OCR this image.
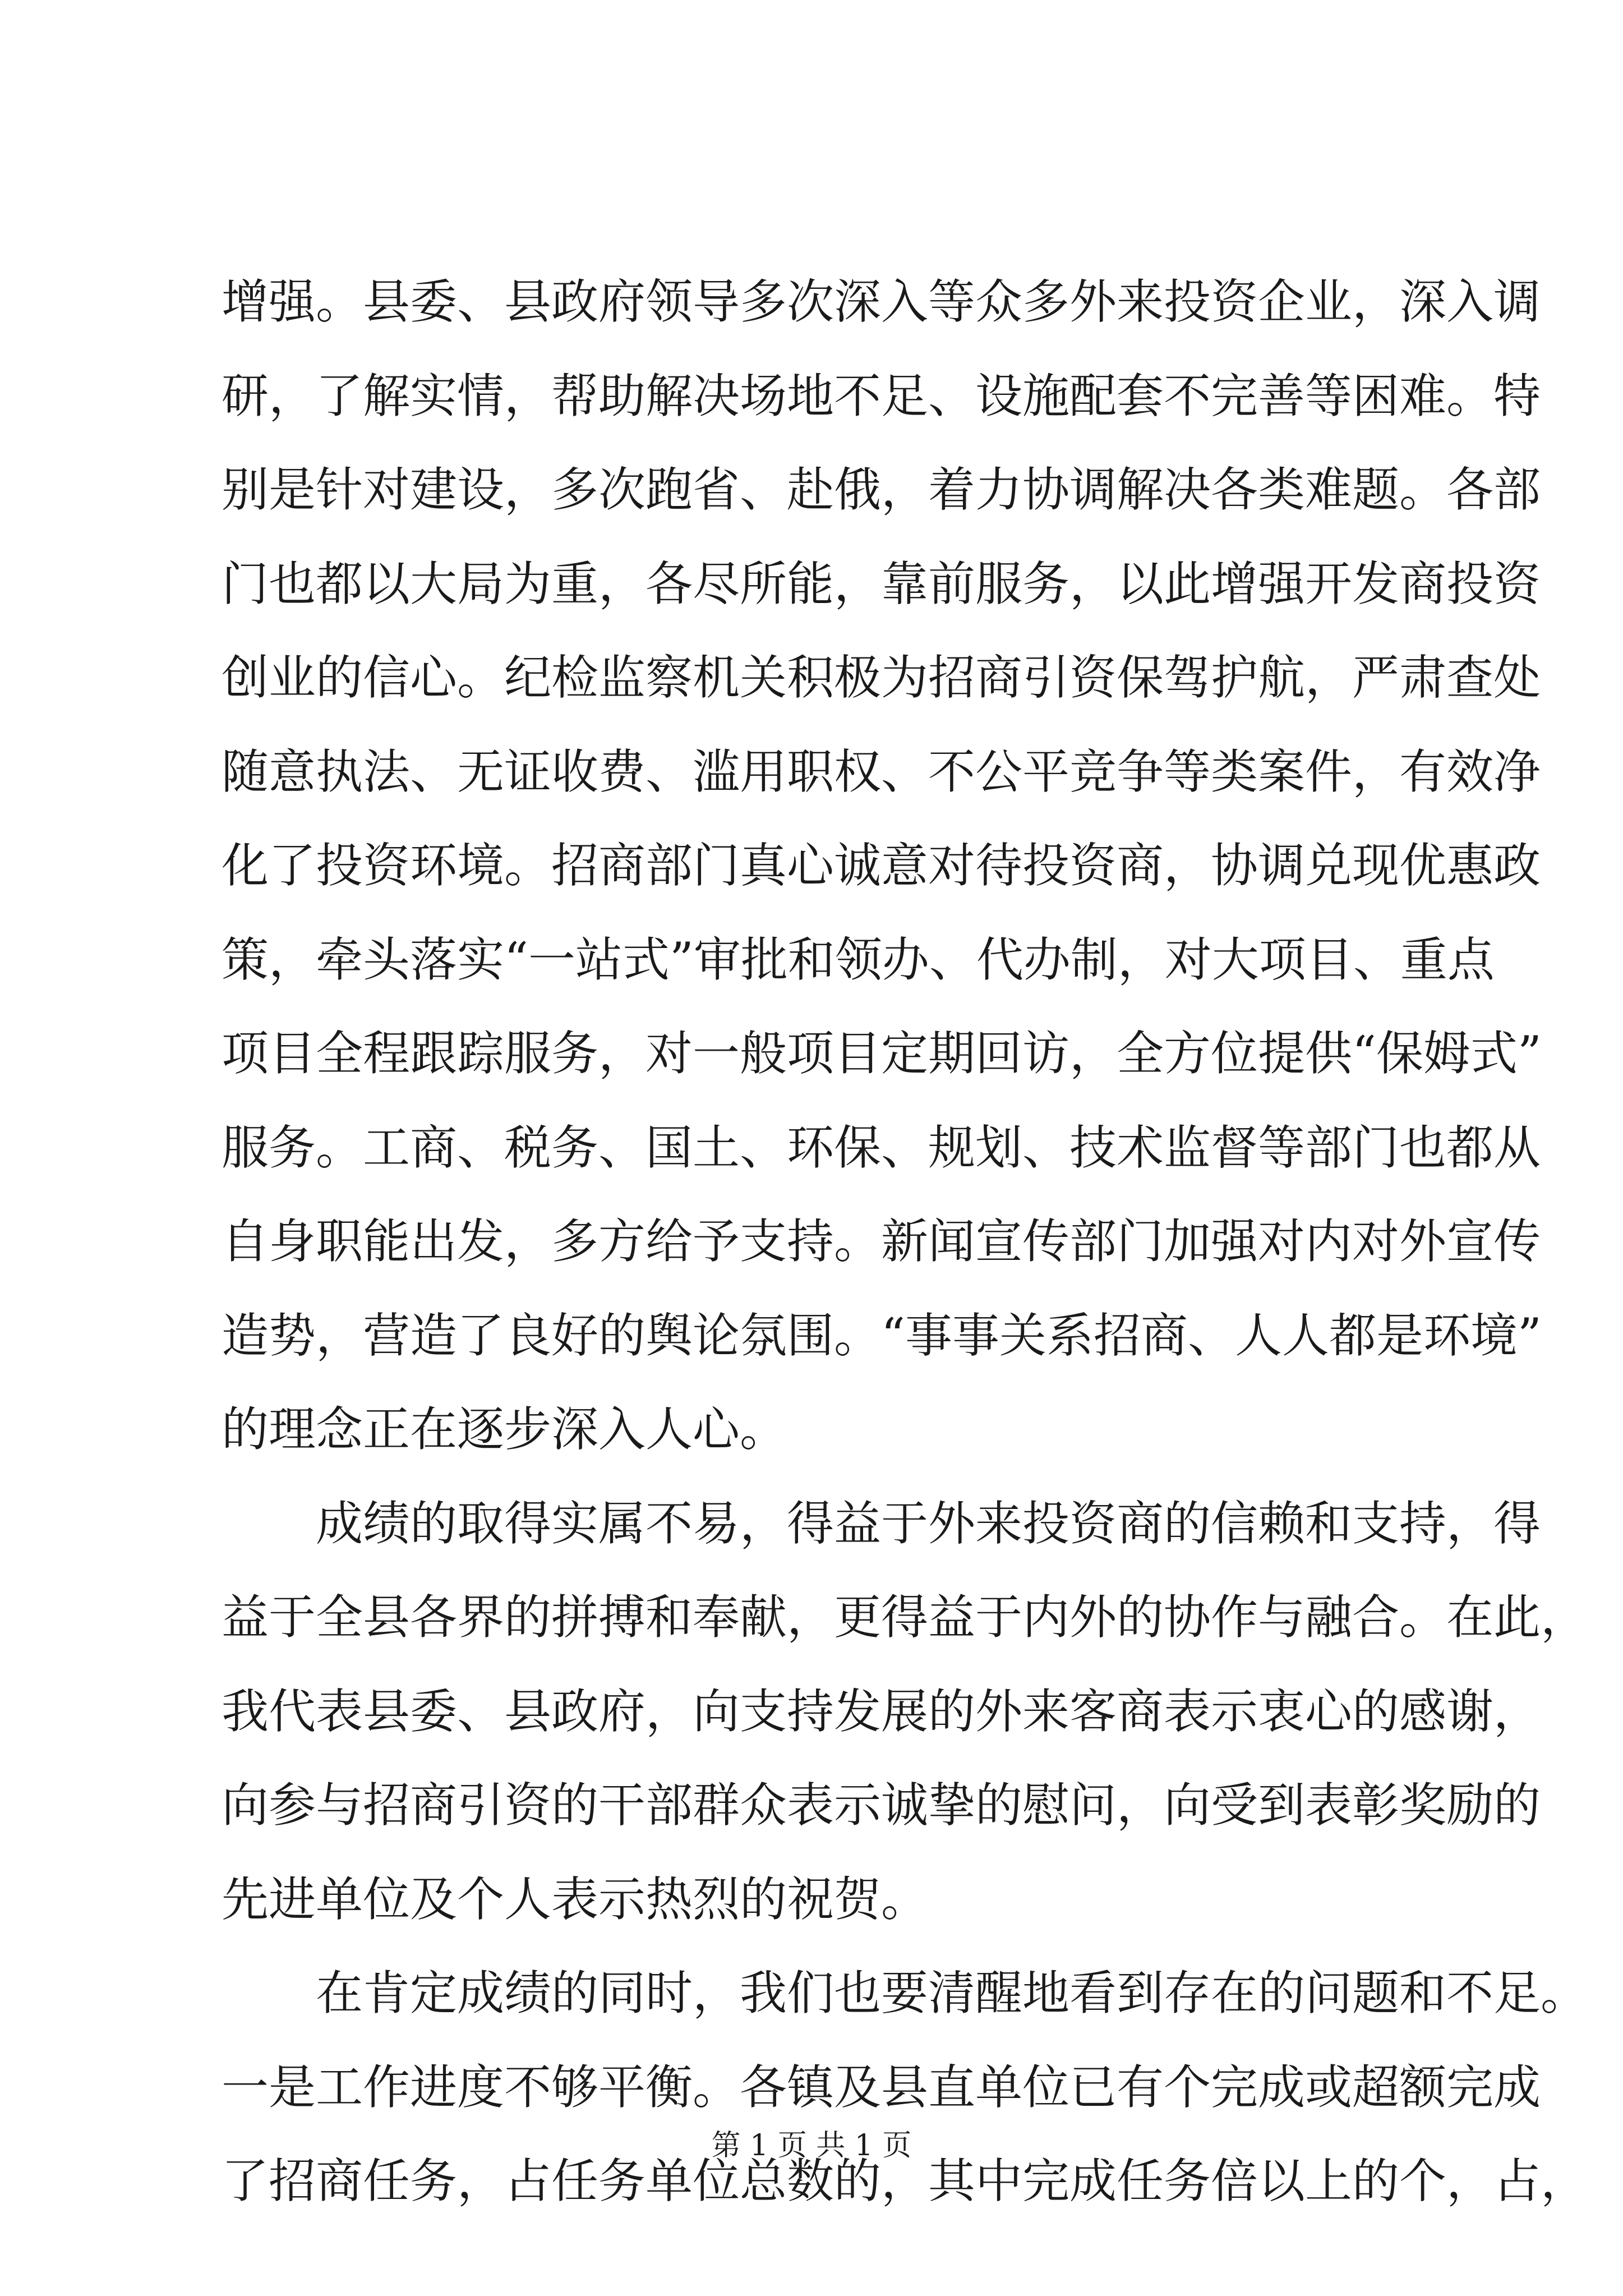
增强。县委、县政府领导多次深入等众多外来投资企业，深入调
研，了解实情，帮助解决场地不足、设施配套不完善等困难。特
别是针对建设，多次跑省、赴俄，着力协调解决各类难题。各部
门也都以大局为重，各尽所能，靠前服务，以此增强开发商投资
创业的信心。纪检监察机关积极为招商引资保驾护航，严肃查处
随意执法、无证收费、滥用职权、不公平竞争等类案件，有效净
化了投资环境。招商部门真心诚意对待投资商，协调兑现优惠政
策，牵头落实“一站式”审批和领办、代办制，对大项目、重点
项目全程跟踪服务，对一般项目定期回访，全方位提供“保姆式”
服务。工商、税务、国土、环保、规划、技术监督等部门也都从
自身职能出发，多方给予支持。新闻宣传部门加强对内对外宣传
造势，营造了良好的舆论氛围。“事事关系招商、人人都是环境”
的理念正在逐步深入人心。
　　成绩的取得实属不易，得益于外来投资商的信赖和支持，得
益于全县各界的拼搏和奉献，更得益于内外的协作与融合。在此，
我代表县委、县政府，向支持发展的外来客商表示衷心的感谢，
向参与招商引资的干部群众表示诚挚的慰问，向受到表彰奖励的
先进单位及个人表示热烈的祝贺。
　　在肯定成绩的同时，我们也要清醒地看到存在的问题和不足。
一是工作进度不够平衡。各镇及县直单位已有个完成或超额完成
了招商任务，占任务单位总数的，其中完成任务倍以上的个，占，
第 1 页 共 1 页
